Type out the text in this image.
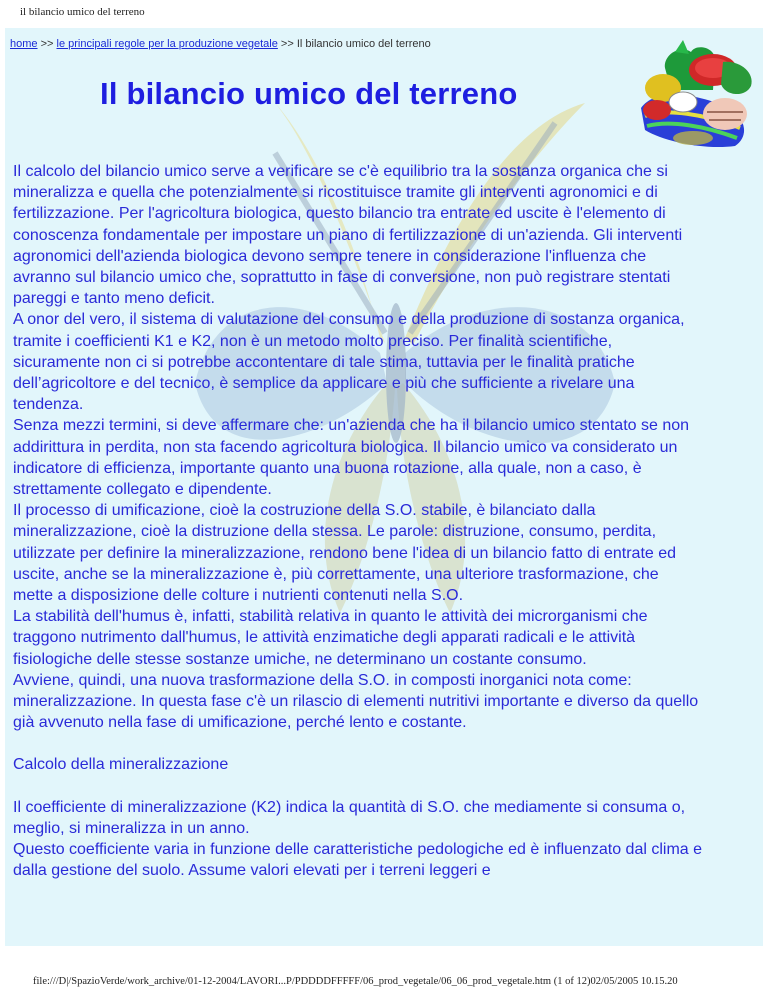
il bilancio umico del terreno
home >> le principali regole per la produzione vegetale >> Il bilancio umico del terreno
Il bilancio umico del terreno

Il calcolo del bilancio umico serve a verificare se c'è equilibrio tra la sostanza organica che si mineralizza e quella che potenzialmente si ricostituisce tramite gli interventi agronomici e di fertilizzazione. Per l'agricoltura biologica, questo bilancio tra entrate ed uscite è l'elemento di conoscenza fondamentale per impostare un piano di fertilizzazione di un'azienda. Gli interventi agronomici dell'azienda biologica devono sempre tenere in considerazione l'influenza che avranno sul bilancio umico che, soprattutto in fase di conversione, non può registrare stentati pareggi e tanto meno deficit.

A onor del vero, il sistema di valutazione del consumo e della produzione di sostanza organica, tramite i coefficienti K1 e K2, non è un metodo molto preciso. Per finalità scientifiche, sicuramente non ci si potrebbe accontentare di tale stima, tuttavia per le finalità pratiche dell’agricoltore e del tecnico, è semplice da applicare e più che sufficiente a rivelare una tendenza.

Senza mezzi termini, si deve affermare che: un'azienda che ha il bilancio umico stentato se non addirittura in perdita, non sta facendo agricoltura biologica. Il bilancio umico va considerato un indicatore di efficienza, importante quanto una buona rotazione, alla quale, non a caso, è strettamente collegato e dipendente.

Il processo di umificazione, cioè la costruzione della S.O. stabile, è bilanciato dalla mineralizzazione, cioè la distruzione della stessa. Le parole: distruzione, consumo, perdita, utilizzate per definire la mineralizzazione, rendono bene l'idea di un bilancio fatto di entrate ed uscite, anche se la mineralizzazione è, più correttamente, una ulteriore trasformazione, che mette a disposizione delle colture i nutrienti contenuti nella S.O.

La stabilità dell'humus è, infatti, stabilità relativa in quanto le attività dei microrganismi che traggono nutrimento dall'humus, le attività enzimatiche degli apparati radicali e le attività fisiologiche delle stesse sostanze umiche, ne determinano un costante consumo.

Avviene, quindi, una nuova trasformazione della S.O. in composti inorganici nota come: mineralizzazione. In questa fase c'è un rilascio di elementi nutritivi importante e diverso da quello già avvenuto nella fase di umificazione, perché lento e costante.

Calcolo della mineralizzazione

Il coefficiente di mineralizzazione (K2) indica la quantità di S.O. che mediamente si consuma o, meglio, si mineralizza in un anno.

Questo coefficiente varia in funzione delle caratteristiche pedologiche ed è influenzato dal clima e dalla gestione del suolo. Assume valori elevati per i terreni leggeri e

file:///D|/SpazioVerde/work_archive/01-12-2004/LAVORI...P/PDDDDFFFFF/06_prod_vegetale/06_06_prod_vegetale.htm (1 of 12)02/05/2005 10.15.20
